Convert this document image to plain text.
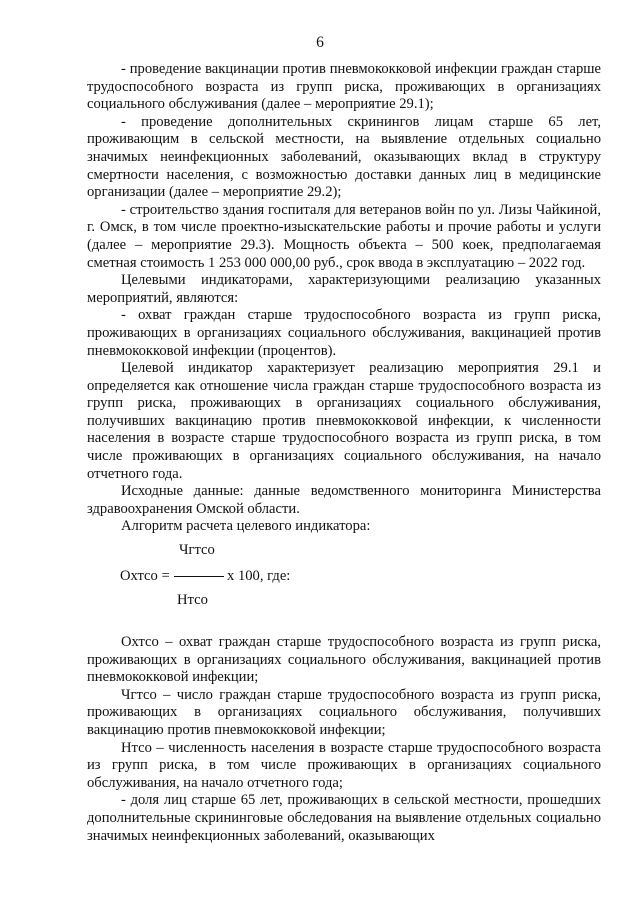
6

- проведение вакцинации против пневмококковой инфекции граждан старше трудоспособного возраста из групп риска, проживающих в организациях социального обслуживания (далее – мероприятие 29.1);

- проведение дополнительных скринингов лицам старше 65 лет, проживающим в сельской местности, на выявление отдельных социально значимых неинфекционных заболеваний, оказывающих вклад в структуру смертности населения, с возможностью доставки данных лиц в медицинские организации (далее – мероприятие 29.2);

- строительство здания госпиталя для ветеранов войн по ул. Лизы Чайкиной, г. Омск, в том числе проектно-изыскательские работы и прочие работы и услуги (далее – мероприятие 29.3). Мощность объекта – 500 коек, предполагаемая сметная стоимость 1 253 000 000,00 руб., срок ввода в эксплуатацию – 2022 год.

Целевыми индикаторами, характеризующими реализацию указанных мероприятий, являются:

- охват граждан старше трудоспособного возраста из групп риска, проживающих в организациях социального обслуживания, вакцинацией против пневмококковой инфекции (процентов).

Целевой индикатор характеризует реализацию мероприятия 29.1 и определяется как отношение числа граждан старше трудоспособного возраста из групп риска, проживающих в организациях социального обслуживания, получивших вакцинацию против пневмококковой инфекции, к численности населения в возрасте старше трудоспособного возраста из групп риска, в том числе проживающих в организациях социального обслуживания, на начало отчетного года.

Исходные данные: данные ведомственного мониторинга Министерства здравоохранения Омской области.

Алгоритм расчета целевого индикатора:

Чгтсо
Охтсо =	x 100, где:
Нтсо

Охтсо – охват граждан старше трудоспособного возраста из групп риска, проживающих в организациях социального обслуживания, вакцинацией против пневмококковой инфекции;

Чгтсо – число граждан старше трудоспособного возраста из групп риска, проживающих в организациях социального обслуживания, получивших вакцинацию против пневмококковой инфекции;

Нтсо – численность населения в возрасте старше трудоспособного возраста из групп риска, в том числе проживающих в организациях социального обслуживания, на начало отчетного года;

- доля лиц старше 65 лет, проживающих в сельской местности, прошедших дополнительные скрининговые обследования на выявление отдельных социально значимых неинфекционных заболеваний, оказывающих
